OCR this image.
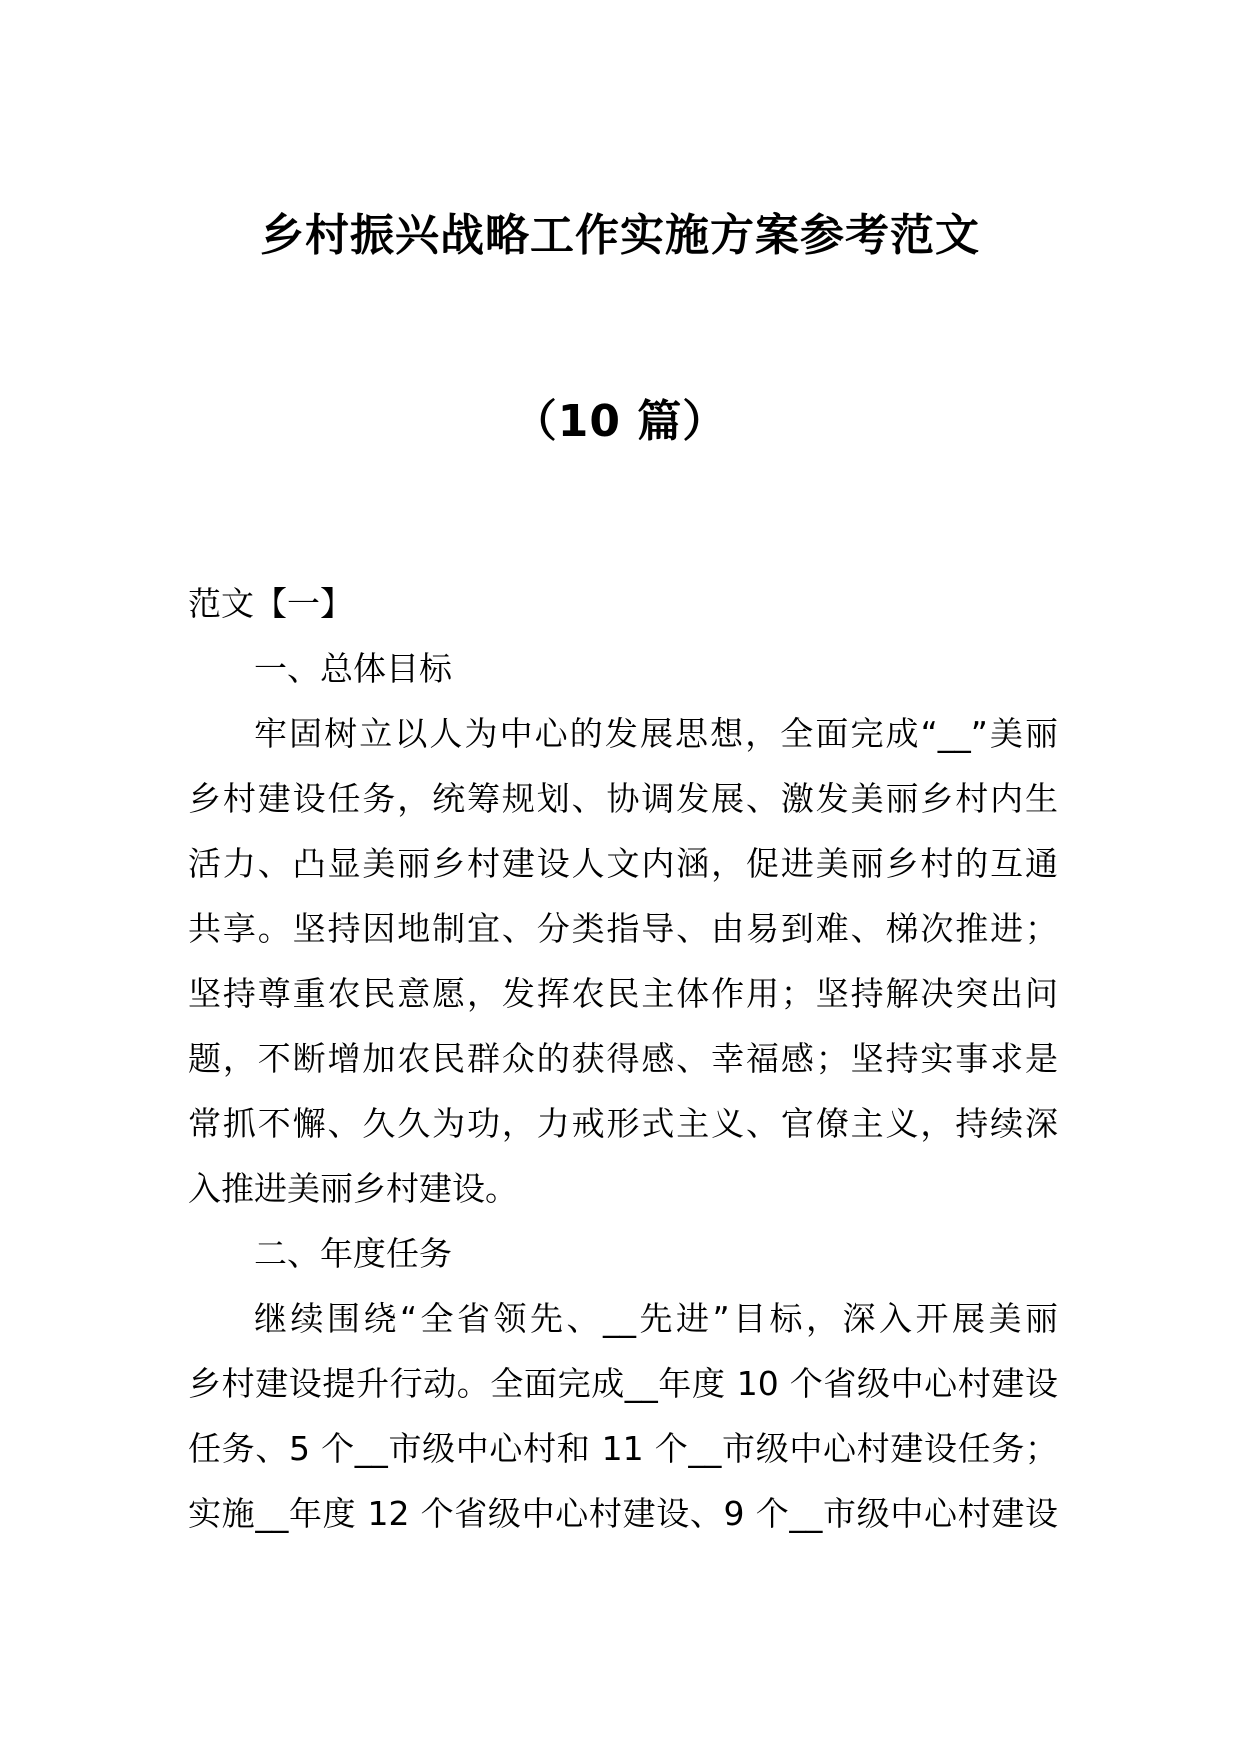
乡村振兴战略工作实施方案参考范文
（10 篇）
范文【一】
一、总体目标
牢固树立以人为中心的发展思想，全面完成“__”美丽
乡村建设任务，统筹规划、协调发展、激发美丽乡村内生
活力、凸显美丽乡村建设人文内涵，促进美丽乡村的互通
共享。坚持因地制宜、分类指导、由易到难、梯次推进；
坚持尊重农民意愿，发挥农民主体作用；坚持解决突出问
题，不断增加农民群众的获得感、幸福感；坚持实事求是
常抓不懈、久久为功，力戒形式主义、官僚主义，持续深
入推进美丽乡村建设。
二、年度任务
继续围绕“全省领先、__先进”目标，深入开展美丽
乡村建设提升行动。全面完成__年度 10 个省级中心村建设
任务、5 个__市级中心村和 11 个__市级中心村建设任务；
实施__年度 12 个省级中心村建设、9 个__市级中心村建设
